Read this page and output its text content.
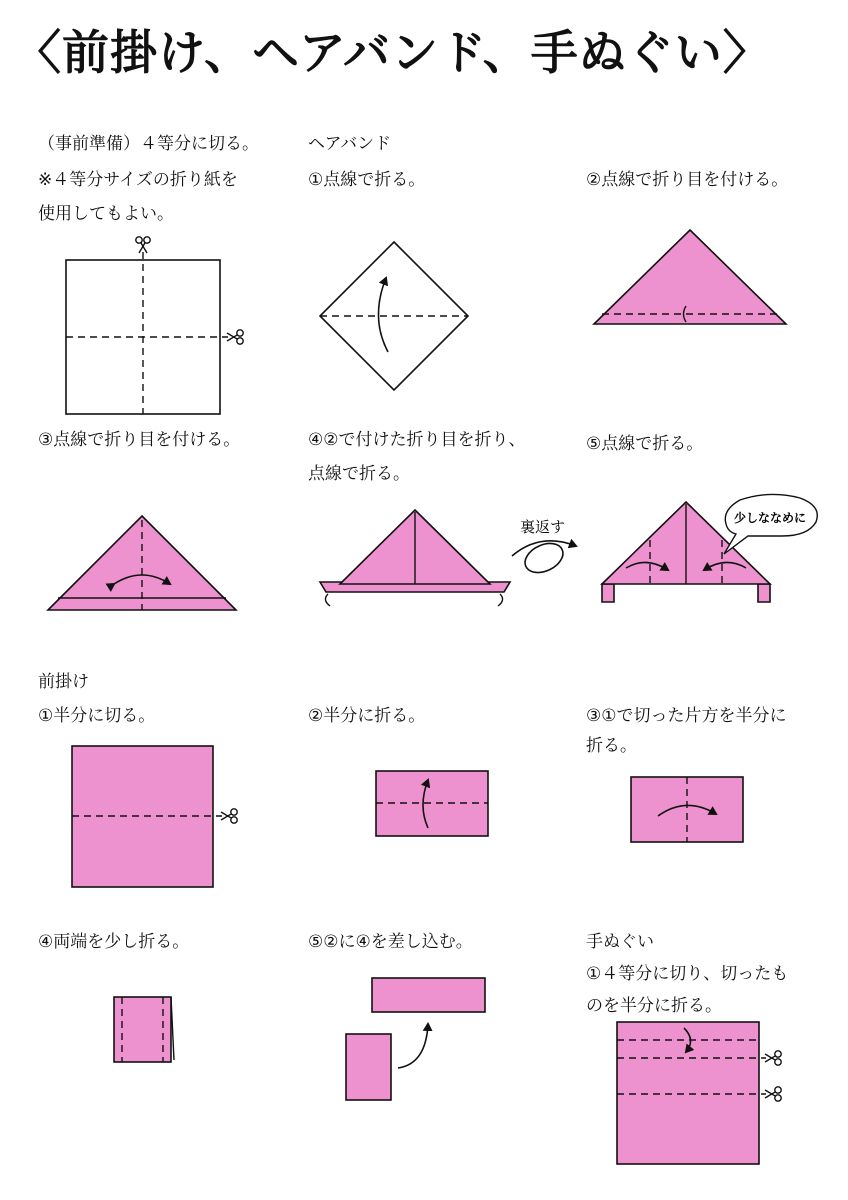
〈前掛け、ヘアバンド、手ぬぐい〉
（事前準備）４等分に切る。
※４等分サイズの折り紙を
使用してもよい。
ヘアバンド
①点線で折る。	②点線で折り目を付ける。
③点線で折り目を付ける。	④②で付けた折り目を折り、
点線で折る。
⑤点線で折る。
前掛け
①半分に切る。	②半分に折る。	③①で切った片方を半分に
折る。
④両端を少し折る。	⑤②に④を差し込む。	手ぬぐい
①４等分に切り、切ったも
のを半分に折る。
裏返す	少しななめに
